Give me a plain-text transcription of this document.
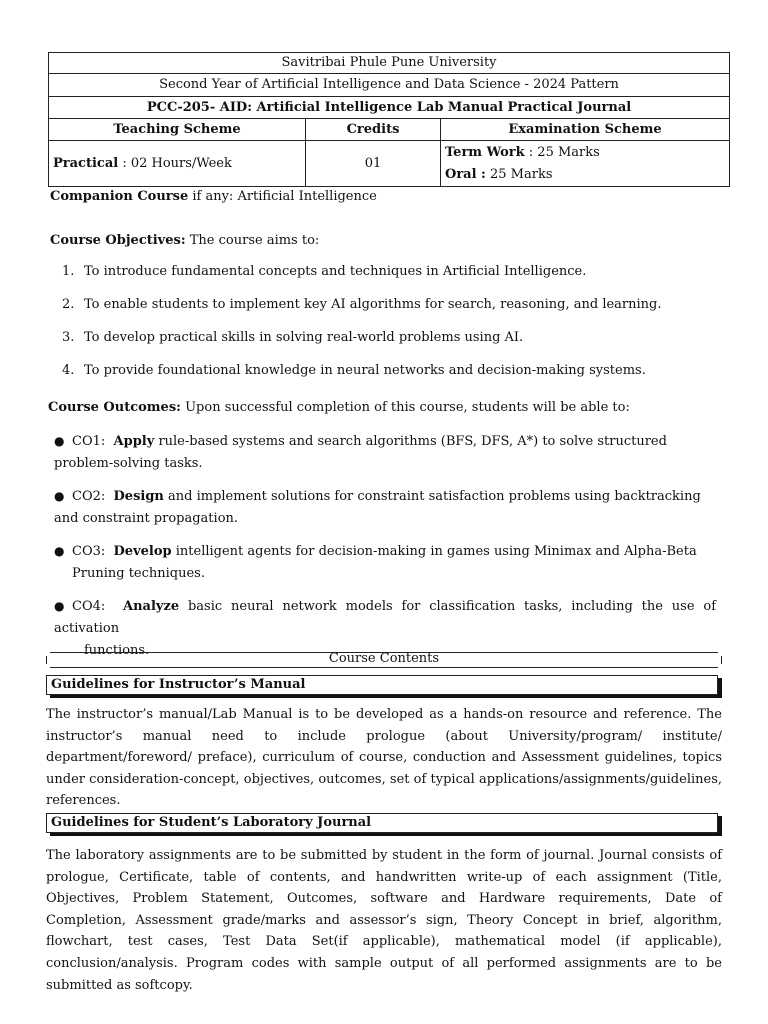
Savitribai Phule Pune University		
Second Year of Artificial Intelligence and Data Science - 2024 Pattern		
PCC-205- AID: Artificial Intelligence Lab Manual Practical Journal		
Teaching Scheme	Credits	Examination Scheme
Practical : 02 Hours/Week	01	Term Work : 25 Marks
Oral : 25 Marks
Companion Course if any: Artificial Intelligence
Course Objectives: The course aims to:
1. To introduce fundamental concepts and techniques in Artificial Intelligence.
2. To enable students to implement key AI algorithms for search, reasoning, and learning.
3. To develop practical skills in solving real-world problems using AI.
4. To provide foundational knowledge in neural networks and decision-making systems.
Course Outcomes: Upon successful completion of this course, students will be able to:
● CO1: Apply rule-based systems and search algorithms (BFS, DFS, A*) to solve structured
problem-solving tasks.
● CO2: Design and implement solutions for constraint satisfaction problems using backtracking
and constraint propagation.
● CO3: Develop intelligent agents for decision-making in games using Minimax and Alpha-Beta
Pruning techniques.
● CO4: Analyze basic neural network models for classification tasks, including the use of activation
functions.
Course Contents
Guidelines for Instructor’s Manual
The instructor’s manual/Lab Manual is to be developed as a hands-on resource and reference. The instructor’s manual need to include prologue (about University/program/ institute/ department/foreword/ preface), curriculum of course, conduction and Assessment guidelines, topics under consideration-concept, objectives, outcomes, set of typical applications/assignments/guidelines, references.
Guidelines for Student’s Laboratory Journal
The laboratory assignments are to be submitted by student in the form of journal. Journal consists of prologue, Certificate, table of contents, and handwritten write-up of each assignment (Title, Objectives, Problem Statement, Outcomes, software and Hardware requirements, Date of Completion, Assessment grade/marks and assessor’s sign, Theory Concept in brief, algorithm, flowchart, test cases, Test Data Set(if applicable), mathematical model (if applicable), conclusion/analysis. Program codes with sample output of all performed assignments are to be submitted as softcopy.
